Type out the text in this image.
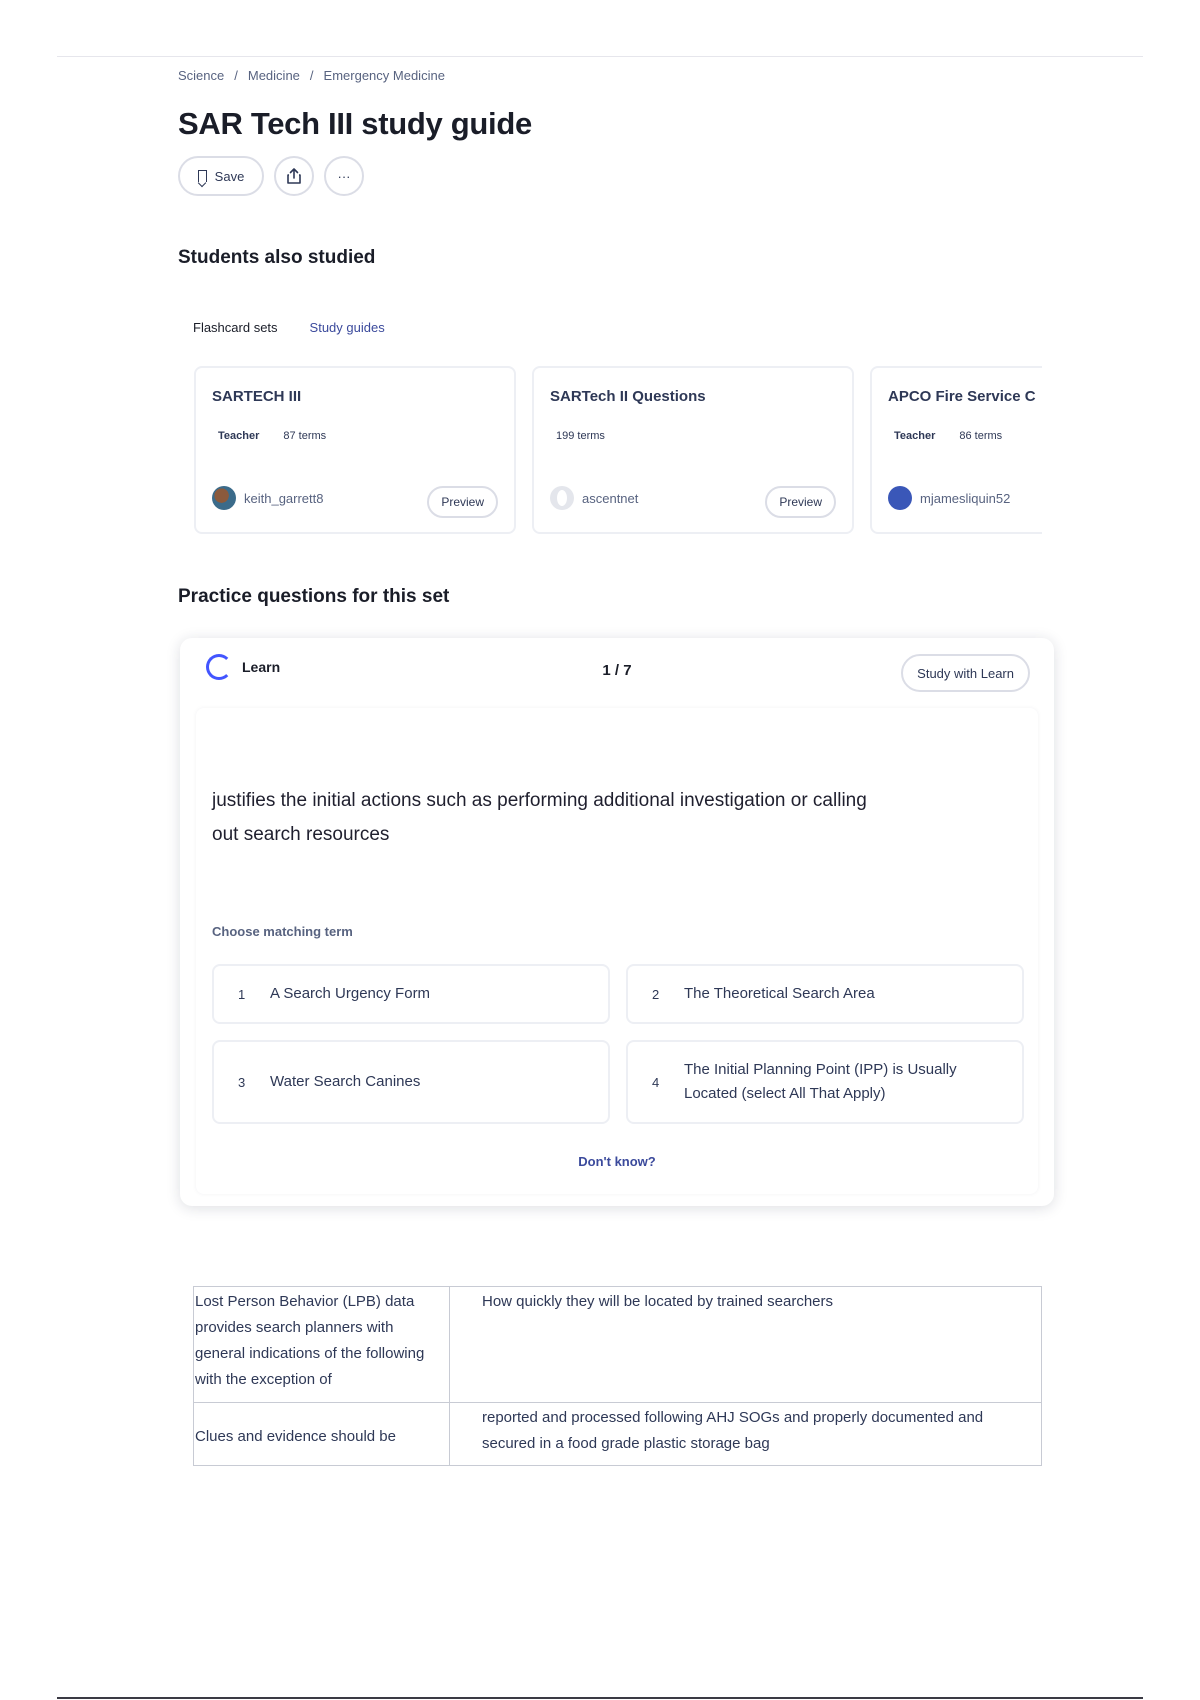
Science / Medicine / Emergency Medicine
SAR Tech III study guide
Save	···
Students also studied
Flashcard sets Study guides
SARTECH III
Teacher 87 terms
keith_garrett8	Preview
SARTech II Questions
199 terms
ascentnet	Preview
APCO Fire Service C
Teacher 86 terms
mjamesliquin52
Practice questions for this set
1 / 7
Learn	Study with Learn
justifies the initial actions such as performing additional investigation or calling out search resources
Choose matching term
1	A Search Urgency Form	2	The Theoretical Search Area
3	Water Search Canines	4
The Initial Planning Point (IPP) is Usually Located (select All That Apply)
Don't know?
Lost Person Behavior (LPB) data provides search planners with general indications of the following with the exception of	How quickly they will be located by trained searchers
Clues and evidence should be	reported and processed following AHJ SOGs and properly documented and secured in a food grade plastic storage bag
